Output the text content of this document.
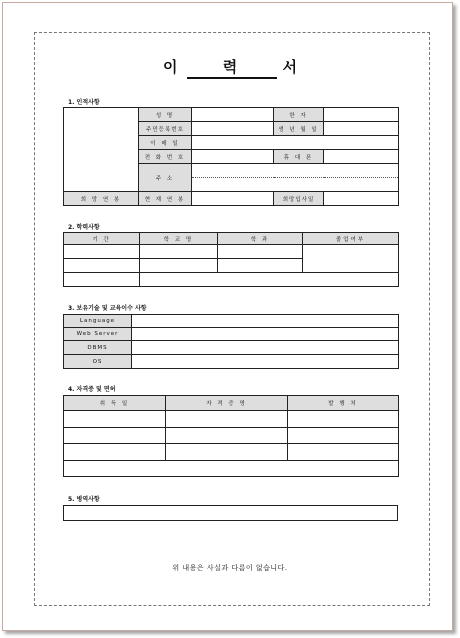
이 력 서
1. 인적사항
	성 명		한 자	
	주민등록번호		생 년 월 일	
	이 메 일			
	전 화 번 호		휴 대 폰	
	주 소			

희 망 연 봉	현 재 연 봉		희망입사일	
2. 학력사항
기 간	학 교 명	학 과	졸업여부

3. 보유기술 및 교육이수 사항
Language	
Web Server	
DBMS	
OS	
4. 자격증 및 면허
취 득 일	자 격 증 명	발 행 처

5. 병역사항
위 내용은 사실과 다름이 없습니다.
